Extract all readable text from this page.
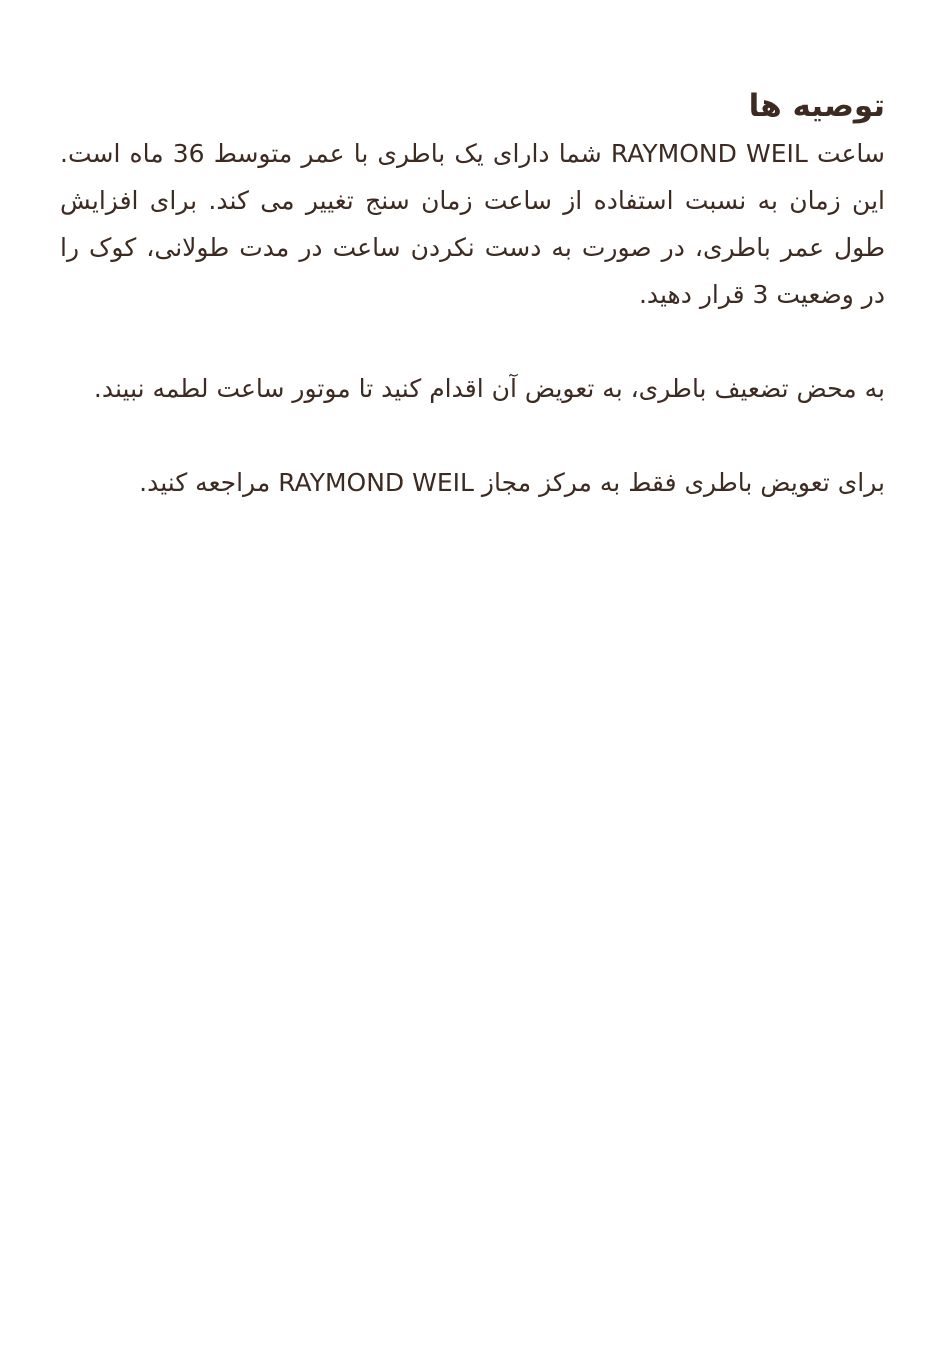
توصیه ها

ساعت RAYMOND WEIL شما دارای یک باطری با عمر متوسط 36 ماه است. این زمان به نسبت استفاده از ساعت زمان سنج تغییر می کند. برای افزایش طول عمر باطری، در صورت به دست نکردن ساعت در مدت طولانی، کوک را در وضعیت 3 قرار دهید.

به محض تضعیف باطری، به تعویض آن اقدام کنید تا موتور ساعت لطمه نبیند.

برای تعویض باطری فقط به مرکز مجاز RAYMOND WEIL مراجعه کنید.
